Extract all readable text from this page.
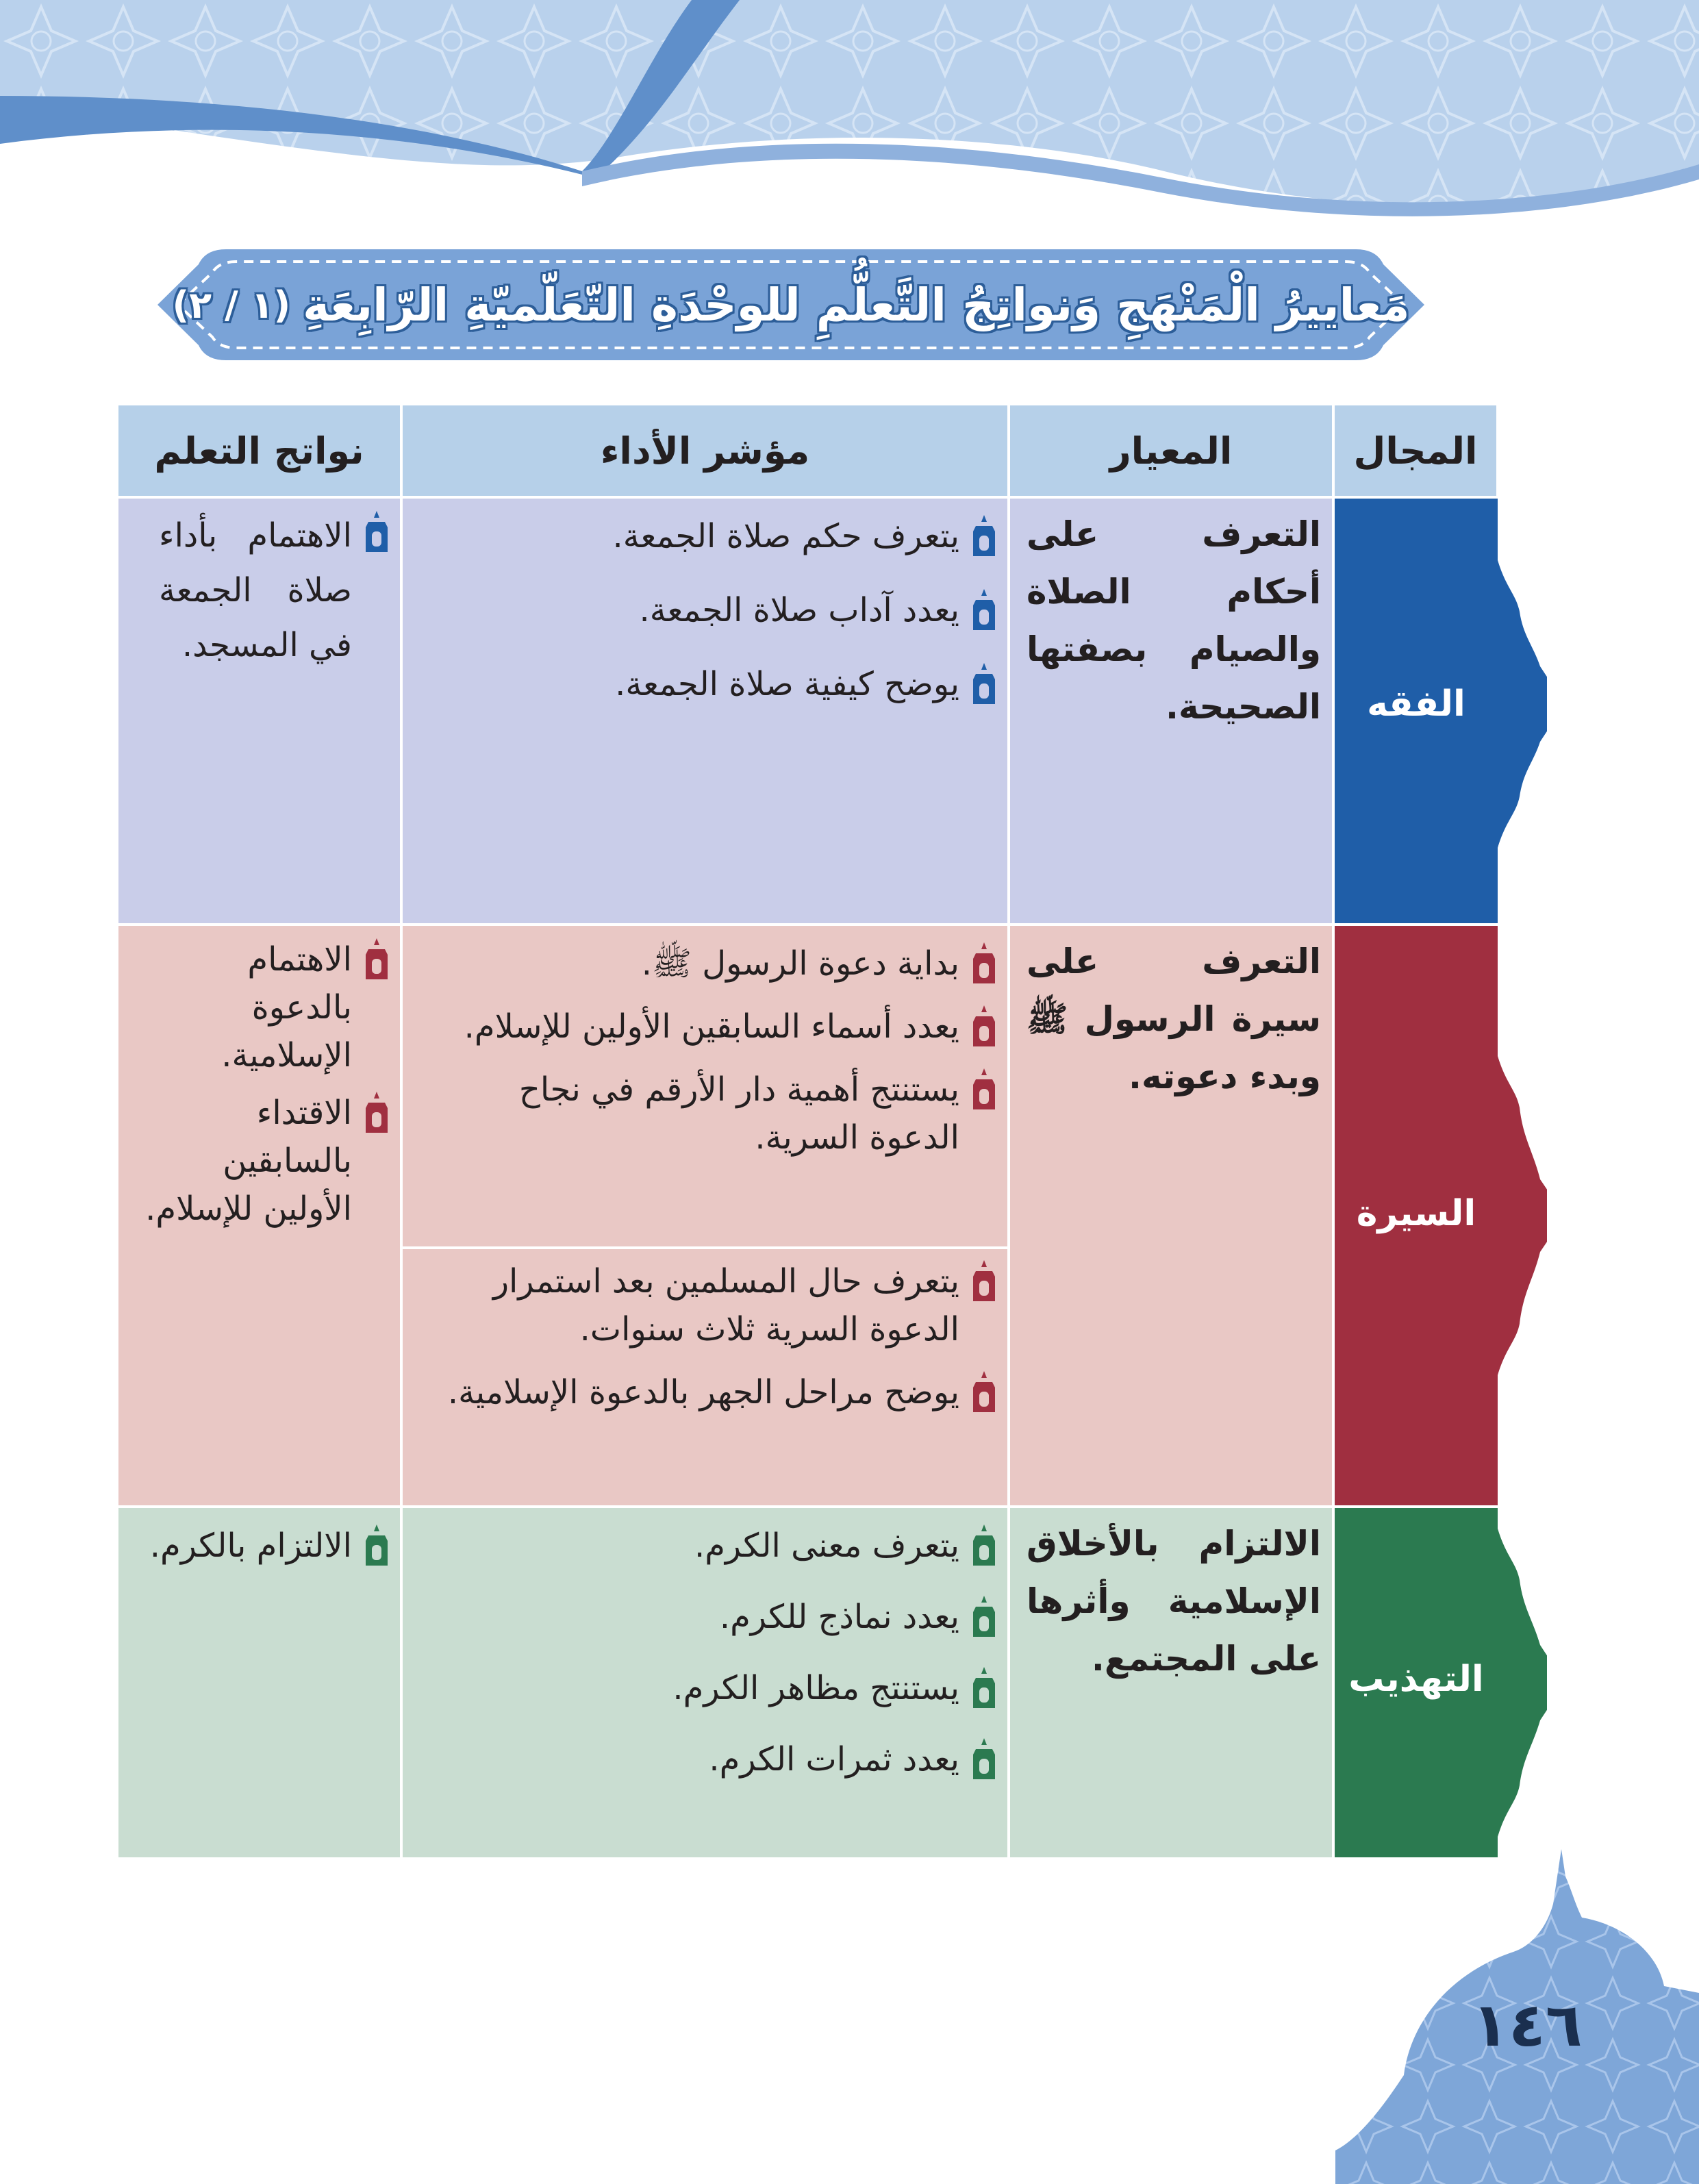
مَعاييرُ الْمَنْهَجِ وَنواتِجُ التَّعلُّمِ للوحْدَةِ التّعَلّميّةِ الرّابِعَةِ
(١ / ٢)
المجال
المعيار
مؤشر الأداء
نواتج التعلم
الفقه
التعرف على أحكام الصلاة والصيام بصفتها الصحيحة.
يتعرف حكم صلاة الجمعة.
يعدد آداب صلاة الجمعة.
يوضح كيفية صلاة الجمعة.
الاهتمام بأداء صلاة الجمعة في المسجد.
السيرة
التعرف على سيرة الرسول ﷺ وبدء دعوته.
بداية دعوة الرسول ﷺ.
يعدد أسماء السابقين الأولين للإسلام.
يستنتج أهمية دار الأرقم في نجاح الدعوة السرية.
يتعرف حال المسلمين بعد استمرار الدعوة السرية ثلاث سنوات.
يوضح مراحل الجهر بالدعوة الإسلامية.
الاهتمام بالدعوة الإسلامية.
الاقتداء بالسابقين الأولين للإسلام.
التهذيب
الالتزام بالأخلاق الإسلامية وأثرها على المجتمع.
يتعرف معنى الكرم.
يعدد نماذج للكرم.
يستنتج مظاهر الكرم.
يعدد ثمرات الكرم.
الالتزام بالكرم.
١٤٦
